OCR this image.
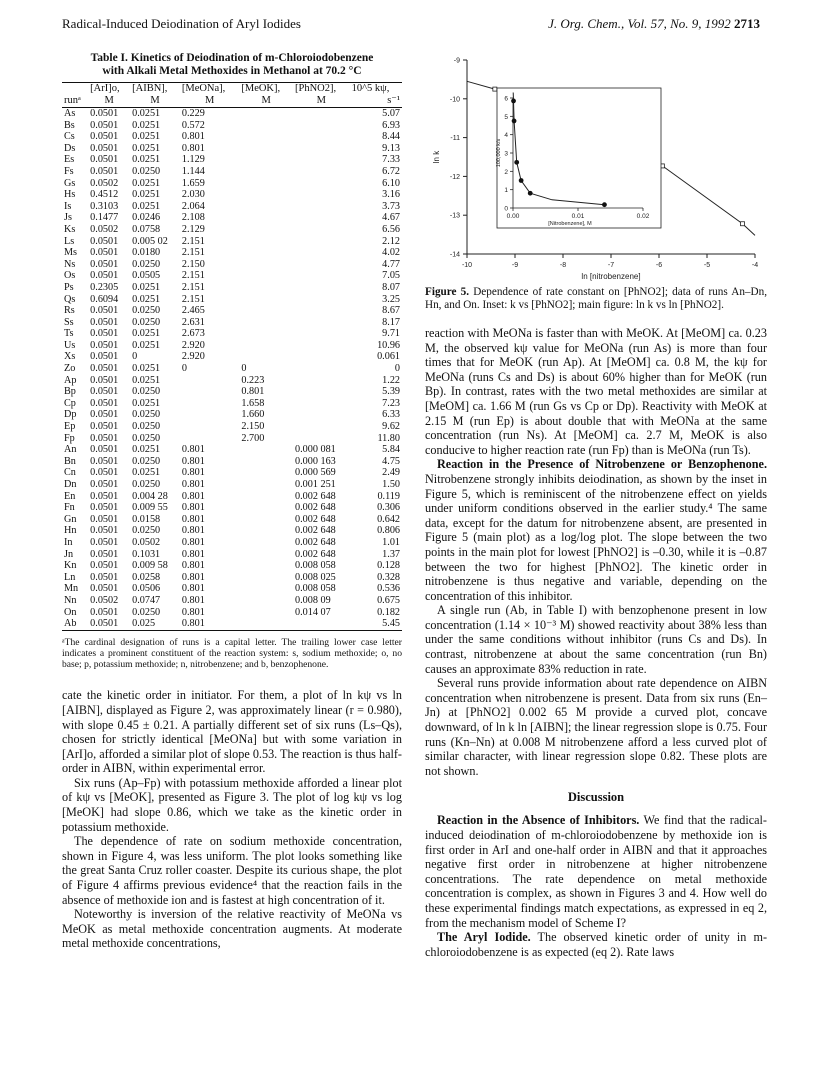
Radical-Induced Deiodination of Aryl Iodides	J. Org. Chem., Vol. 57, No. 9, 1992 2713
Table I. Kinetics of Deiodination of m-Chloroiodobenzene
with Alkali Metal Methoxides in Methanol at 70.2 °C
	[ArI]o,	[AIBN],	[MeONa],	[MeOK],	[PhNO2],	10^5 kψ,
runᵃ	M	M	M	M	M	s⁻¹
As	0.0501	0.0251	0.229			5.07
Bs	0.0501	0.0251	0.572			6.93
Cs	0.0501	0.0251	0.801			8.44
Ds	0.0501	0.0251	0.801			9.13
Es	0.0501	0.0251	1.129			7.33
Fs	0.0501	0.0250	1.144			6.72
Gs	0.0502	0.0251	1.659			6.10
Hs	0.4512	0.0251	2.030			3.16
Is	0.3103	0.0251	2.064			3.73
Js	0.1477	0.0246	2.108			4.67
Ks	0.0502	0.0758	2.129			6.56
Ls	0.0501	0.005 02	2.151			2.12
Ms	0.0501	0.0180	2.151			4.02
Ns	0.0501	0.0250	2.150			4.77
Os	0.0501	0.0505	2.151			7.05
Ps	0.2305	0.0251	2.151			8.07
Qs	0.6094	0.0251	2.151			3.25
Rs	0.0501	0.0250	2.465			8.67
Ss	0.0501	0.0250	2.631			8.17
Ts	0.0501	0.0251	2.673			9.71
Us	0.0501	0.0251	2.920			10.96
Xs	0.0501	0	2.920			0.061
Zo	0.0501	0.0251	0	0		0
Ap	0.0501	0.0251		0.223		1.22
Bp	0.0501	0.0250		0.801		5.39
Cp	0.0501	0.0251		1.658		7.23
Dp	0.0501	0.0250		1.660		6.33
Ep	0.0501	0.0250		2.150		9.62
Fp	0.0501	0.0250		2.700		11.80
An	0.0501	0.0251	0.801		0.000 081	5.84
Bn	0.0501	0.0250	0.801		0.000 163	4.75
Cn	0.0501	0.0251	0.801		0.000 569	2.49
Dn	0.0501	0.0250	0.801		0.001 251	1.50
En	0.0501	0.004 28	0.801		0.002 648	0.119
Fn	0.0501	0.009 55	0.801		0.002 648	0.306
Gn	0.0501	0.0158	0.801		0.002 648	0.642
Hn	0.0501	0.0250	0.801		0.002 648	0.806
In	0.0501	0.0502	0.801		0.002 648	1.01
Jn	0.0501	0.1031	0.801		0.002 648	1.37
Kn	0.0501	0.009 58	0.801		0.008 058	0.128
Ln	0.0501	0.0258	0.801		0.008 025	0.328
Mn	0.0501	0.0506	0.801		0.008 058	0.536
Nn	0.0502	0.0747	0.801		0.008 09	0.675
On	0.0501	0.0250	0.801		0.014 07	0.182
Ab	0.0501	0.025	0.801			5.45
ᵃThe cardinal designation of runs is a capital letter. The trailing lower case letter indicates a prominent constituent of the reaction system: s, sodium methoxide; o, no base; p, potassium methoxide; n, nitrobenzene; and b, benzophenone.

cate the kinetic order in initiator. For them, a plot of ln kψ vs ln [AIBN], displayed as Figure 2, was approximately linear (r = 0.980), with slope 0.45 ± 0.21. A partially different set of six runs (Ls–Qs), chosen for strictly identical [MeONa] but with some variation in [ArI]o, afforded a similar plot of slope 0.53. The reaction is thus half-order in AIBN, within experimental error.

Six runs (Ap–Fp) with potassium methoxide afforded a linear plot of kψ vs [MeOK], presented as Figure 3. The plot of log kψ vs log [MeOK] had slope 0.86, which we take as the kinetic order in potassium methoxide.

The dependence of rate on sodium methoxide concentration, shown in Figure 4, was less uniform. The plot looks something like the great Santa Cruz roller coaster. Despite its curious shape, the plot of Figure 4 affirms previous evidence⁴ that the reaction fails in the absence of methoxide ion and is fastest at high concentration of it.

Noteworthy is inversion of the relative reactivity of MeONa vs MeOK as metal methoxide concentration augments. At moderate metal methoxide concentrations,

-10	-9	-8	-7	-6	-5	-4
-9
-10
-11
-12
-13
-14
ln [nitrobenzene]
ln k
0
1
2
3
4
5
6
0.00	0.01	0.02
[Nitrobenzene], M
100,000 k/s
Figure 5. Dependence of rate constant on [PhNO2]; data of runs An–Dn, Hn, and On. Inset: k vs [PhNO2]; main figure: ln k vs ln [PhNO2].

reaction with MeONa is faster than with MeOK. At [MeOM] ca. 0.23 M, the observed kψ value for MeONa (run As) is more than four times that for MeOK (run Ap). At [MeOM] ca. 0.8 M, the kψ for MeONa (runs Cs and Ds) is about 60% higher than for MeOK (run Bp). In contrast, rates with the two metal methoxides are similar at [MeOM] ca. 1.66 M (run Gs vs Cp or Dp). Reactivity with MeOK at 2.15 M (run Ep) is about double that with MeONa at the same concentration (run Ns). At [MeOM] ca. 2.7 M, MeOK is also conducive to higher reaction rate (run Fp) than is MeONa (run Ts).

Reaction in the Presence of Nitrobenzene or Benzophenone. Nitrobenzene strongly inhibits deiodination, as shown by the inset in Figure 5, which is reminiscent of the nitrobenzene effect on yields under uniform conditions observed in the earlier study.⁴ The same data, except for the datum for nitrobenzene absent, are presented in Figure 5 (main plot) as a log/log plot. The slope between the two points in the main plot for lowest [PhNO2] is –0.30, while it is –0.87 between the two for highest [PhNO2]. The kinetic order in nitrobenzene is thus negative and variable, depending on the concentration of this inhibitor.

A single run (Ab, in Table I) with benzophenone present in low concentration (1.14 × 10⁻³ M) showed reactivity about 38% less than under the same conditions without inhibitor (runs Cs and Ds). In contrast, nitrobenzene at about the same concentration (run Bn) causes an approximate 83% reduction in rate.

Several runs provide information about rate dependence on AIBN concentration when nitrobenzene is present. Data from six runs (En–Jn) at [PhNO2] 0.002 65 M provide a curved plot, concave downward, of ln k ln [AIBN]; the linear regression slope is 0.75. Four runs (Kn–Nn) at 0.008 M nitrobenzene afford a less curved plot of similar character, with linear regression slope 0.82. These plots are not shown.

Discussion

Reaction in the Absence of Inhibitors. We find that the radical-induced deiodination of m-chloroiodobenzene by methoxide ion is first order in ArI and one-half order in AIBN and that it approaches negative first order in nitrobenzene at higher nitrobenzene concentrations. The rate dependence on metal methoxide concentration is complex, as shown in Figures 3 and 4. How well do these experimental findings match expectations, as expressed in eq 2, from the mechanism model of Scheme I?

The Aryl Iodide. The observed kinetic order of unity in m-chloroiodobenzene is as expected (eq 2). Rate laws
